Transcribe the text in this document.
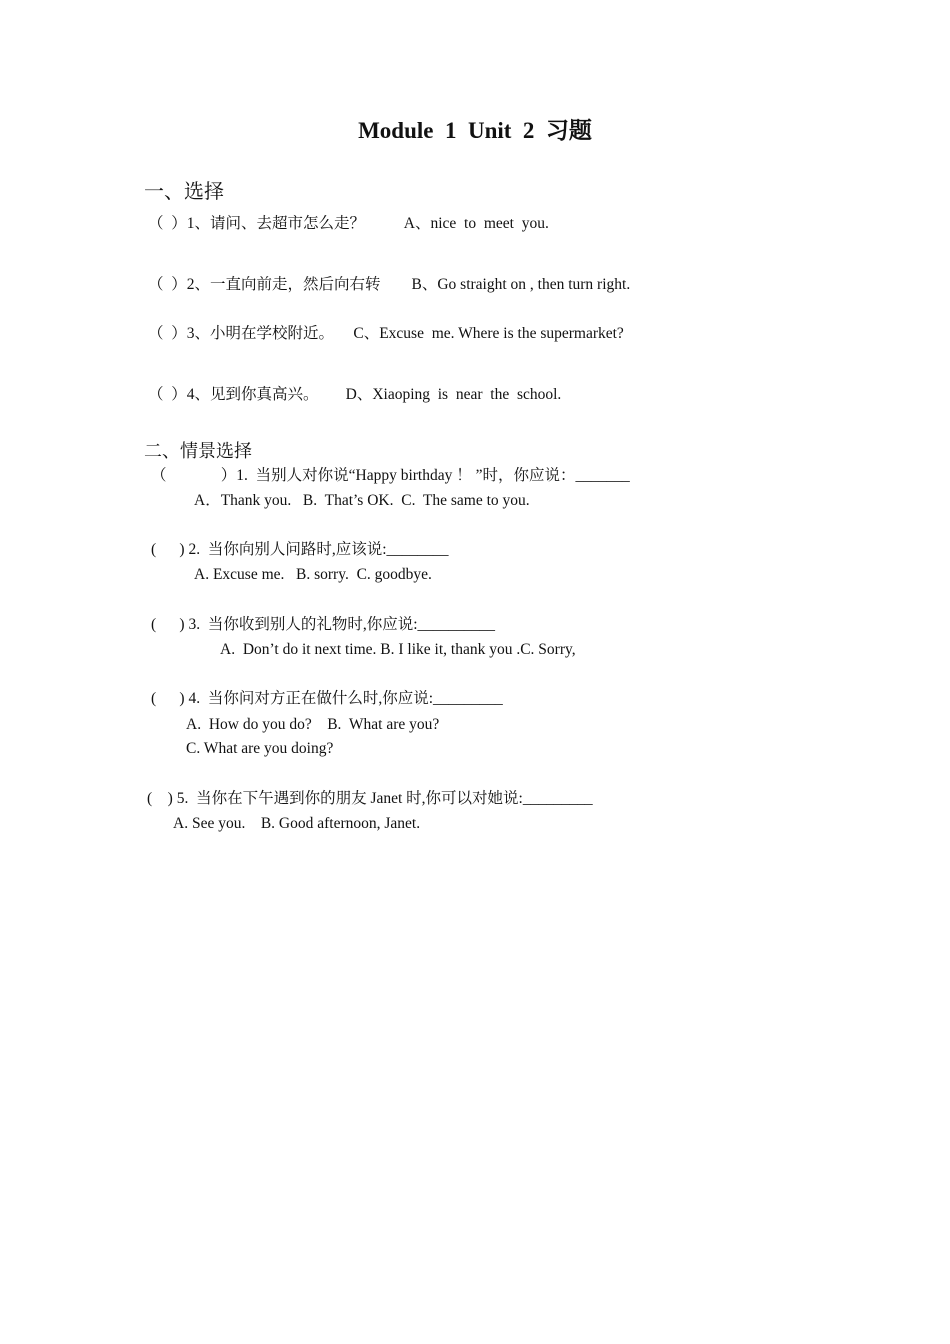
Module  1  Unit  2  习题
一、选择
（  ）1、请问、去超市怎么走？          A、nice  to  meet  you.
（  ）2、一直向前走，然后向右转        B、Go straight on , then turn right.
（  ）3、小明在学校附近。     C、Excuse  me. Where is the supermarket?
（  ）4、见到你真高兴。       D、Xiaoping  is  near  the  school.
二、情景选择
（              ）1.  当别人对你说“Happy birthday ！ ”时，你应说：_______
A．Thank you.   B.  That’s OK.  C.  The same to you.
(      ) 2.  当你向别人问路时,应该说:________
A. Excuse me.   B. sorry.  C. goodbye.
(      ) 3.  当你收到别人的礼物时,你应说:__________
A.  Don’t do it next time. B. I like it, thank you .C. Sorry,
(      ) 4.  当你问对方正在做什么时,你应说:_________
A.  How do you do?    B.  What are you?
C. What are you doing?
(    ) 5.  当你在下午遇到你的朋友 Janet 时,你可以对她说:_________
A. See you.    B. Good afternoon, Janet.
